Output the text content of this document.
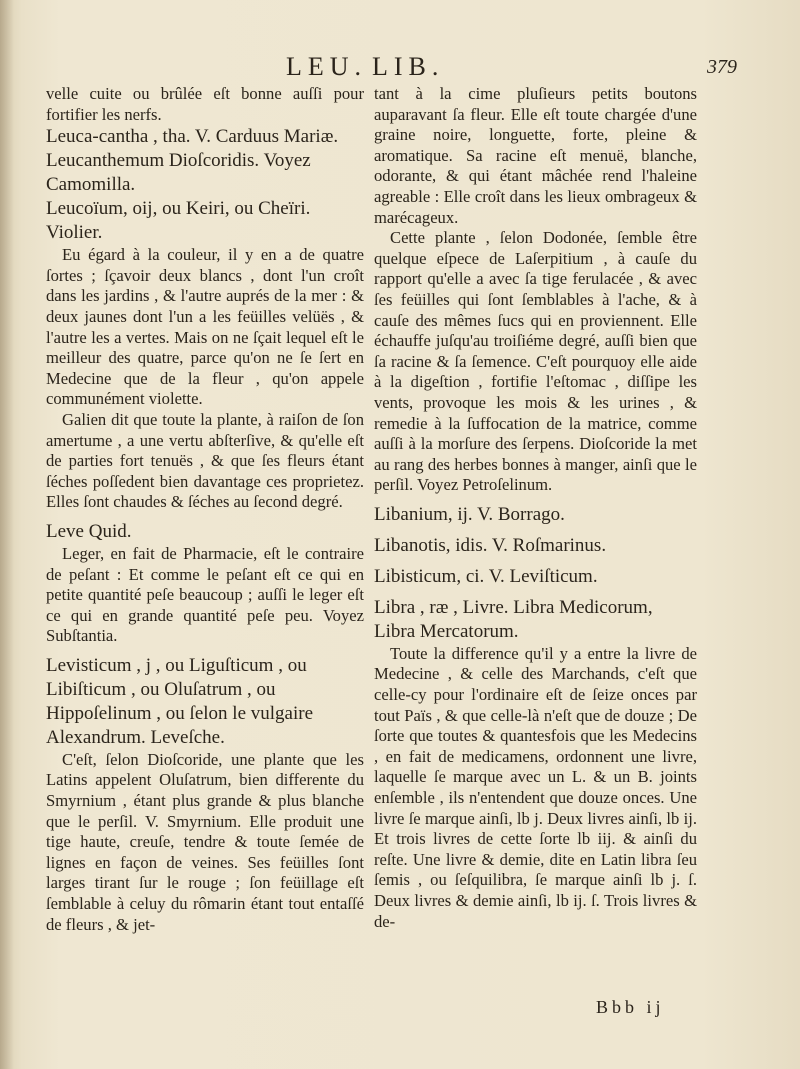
LEU. LIB.	379

velle cuite ou brûlée eſt bonne auſſi pour fortifier les nerfs.

Leuca-cantha , tha. V. Carduus Mariæ.

Leucanthemum Dioſcoridis. Voyez Camomilla.

Leucoïum, oij, ou Keiri, ou Cheïri. Violier.

Eu égard à la couleur, il y en a de quatre ſortes ; ſçavoir deux blancs , dont l'un croît dans les jardins , & l'autre auprés de la mer : & deux jaunes dont l'un a les feüilles velüës , & l'autre les a vertes. Mais on ne ſçait lequel eſt le meilleur des quatre, parce qu'on ne ſe ſert en Medecine que de la fleur , qu'on appele communément violette.

Galien dit que toute la plante, à raiſon de ſon amertume , a une vertu abſterſive, & qu'elle eſt de parties fort tenuës , & que ſes fleurs étant ſéches poſſedent bien davantage ces proprietez. Elles ſont chaudes & ſéches au ſecond degré.

Leve Quid.

Leger, en fait de Pharmacie, eſt le contraire de peſant : Et comme le peſant eſt ce qui en petite quantité peſe beaucoup ; auſſi le leger eſt ce qui en grande quantité peſe peu. Voyez Subſtantia.

Levisticum , j , ou Liguſticum , ou Libiſticum , ou Oluſatrum , ou Hippoſelinum , ou ſelon le vulgaire Alexandrum. Leveſche.

C'eſt, ſelon Dioſcoride, une plante que les Latins appelent Oluſatrum, bien differente du Smyrnium , étant plus grande & plus blanche que le perſil. V. Smyrnium. Elle produit une tige haute, creuſe, tendre & toute ſemée de lignes en façon de veines. Ses feüilles ſont larges tirant ſur le rouge ; ſon feüillage eſt ſemblable à celuy du rômarin étant tout entaſſé de fleurs , & jet-

tant à la cime pluſieurs petits boutons auparavant ſa fleur. Elle eſt toute chargée d'une graine noire, longuette, forte, pleine & aromatique. Sa racine eſt menuë, blanche, odorante, & qui étant mâchée rend l'haleine agreable : Elle croît dans les lieux ombrageux & marécageux.

Cette plante , ſelon Dodonée, ſemble être quelque eſpece de Laſerpitium , à cauſe du rapport qu'elle a avec ſa tige ferulacée , & avec ſes feüilles qui ſont ſemblables à l'ache, & à cauſe des mêmes ſucs qui en proviennent. Elle échauffe juſqu'au troiſiéme degré, auſſi bien que ſa racine & ſa ſemence. C'eſt pourquoy elle aide à la digeſtion , fortifie l'eſtomac , diſſipe les vents, provoque les mois & les urines , & remedie à la ſuffocation de la matrice, comme auſſi à la morſure des ſerpens. Dioſcoride la met au rang des herbes bonnes à manger, ainſi que le perſil. Voyez Petroſelinum.

Libanium, ij. V. Borrago.

Libanotis, idis. V. Roſmarinus.

Libisticum, ci. V. Leviſticum.

Libra , ræ , Livre. Libra Medicorum, Libra Mercatorum.

Toute la difference qu'il y a entre la livre de Medecine , & celle des Marchands, c'eſt que celle-cy pour l'ordinaire eſt de ſeize onces par tout Païs , & que celle-là n'eſt que de douze ; De ſorte que toutes & quantesfois que les Medecins , en fait de medicamens, ordonnent une livre, laquelle ſe marque avec un L. & un B. joints enſemble , ils n'entendent que douze onces. Une livre ſe marque ainſi, lb j. Deux livres ainſi, lb ij. Et trois livres de cette ſorte lb iij. & ainſi du reſte. Une livre & demie, dite en Latin libra ſeu ſemis , ou ſeſquilibra, ſe marque ainſi lb j. ſ. Deux livres & demie ainſi, lb ij. ſ. Trois livres & de-

Bbb ij
